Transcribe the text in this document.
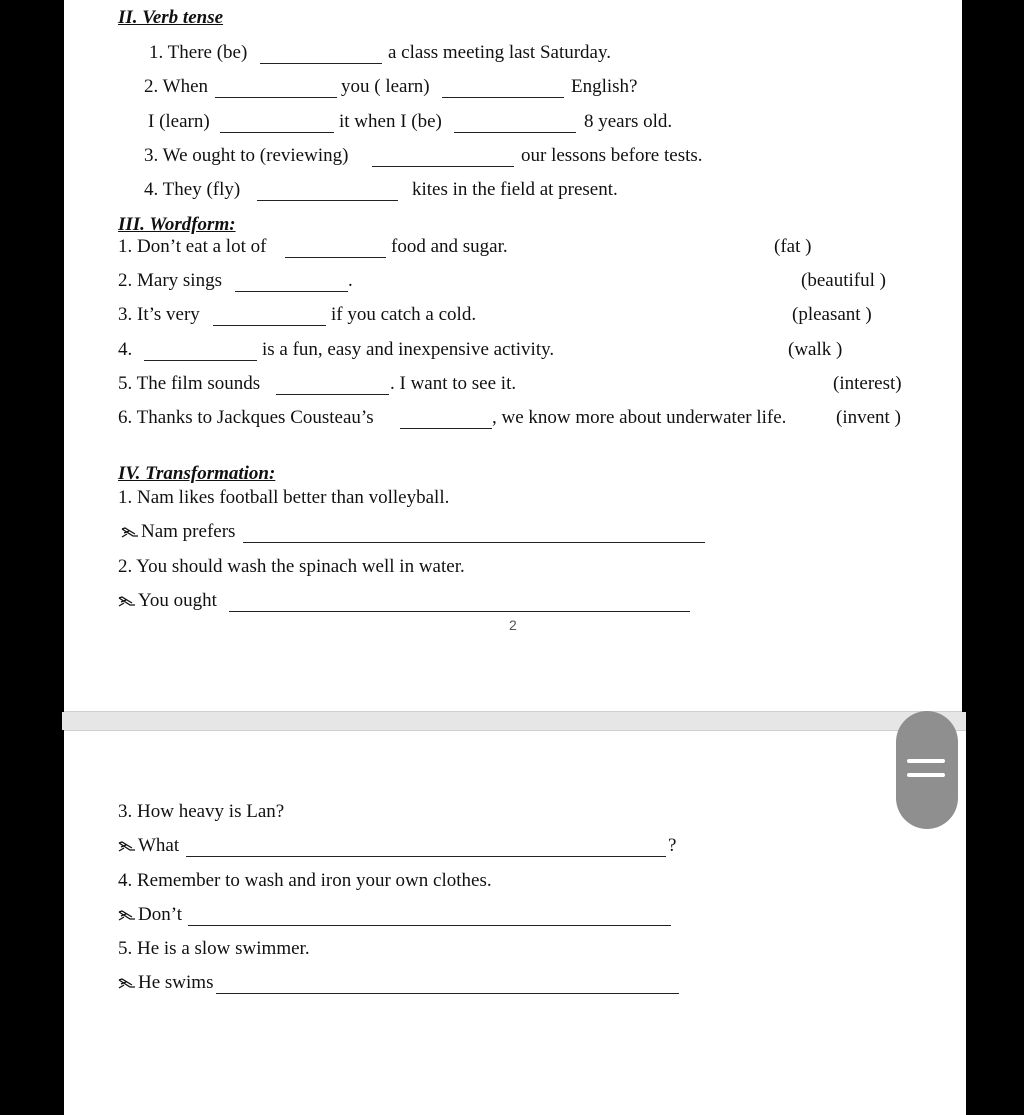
II. Verb tense
1. There (be)	a class meeting last Saturday.
2. When	you ( learn)	English?
I (learn)	it when I (be)	8 years old.
3. We ought to (reviewing)	our lessons before tests.
4. They (fly)	kites in the field at present.
III. Wordform:
1. Don’t eat a lot of	food and sugar.	(fat )
2. Mary sings	.	(beautiful )
3. It’s very	if you catch a cold.	(pleasant )
4.	is a fun, easy and inexpensive activity.	(walk )
5. The film sounds	. I want to see it.	(interest)
6. Thanks to Jackques Cousteau’s	, we know more about underwater life.	(invent )
IV. Transformation:
1. Nam likes football better than volleyball.
Nam prefers
2. You should wash the spinach well in water.
You ought
2
3. How heavy is Lan?
What	?
4. Remember to wash and iron your own clothes.
Don’t
5. He is a slow swimmer.
He swims
